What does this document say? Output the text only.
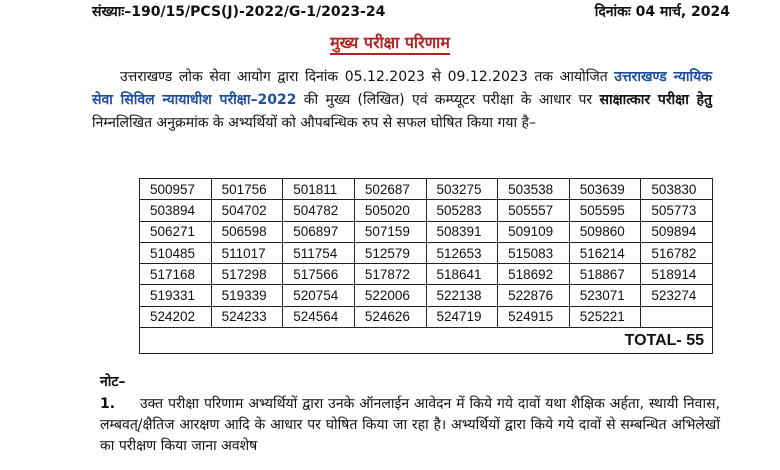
संख्याः–190/15/PCS(J)-2022/G-1/2023-24	दिनांकः 04 मार्च, 2024
मुख्य परीक्षा परिणाम
उत्तराखण्ड लोक सेवा आयोग द्वारा दिनांक 05.12.2023 से 09.12.2023 तक आयोजित उत्तराखण्ड न्यायिक सेवा सिविल न्यायाधीश परीक्षा–2022 की मुख्य (लिखित) एवं कम्प्यूटर परीक्षा के आधार पर साक्षात्कार परीक्षा हेतु निम्नलिखित अनुक्रमांक के अभ्यर्थियों को औपबन्धिक रुप से सफल घोषित किया गया है–
500957	501756	501811	502687	503275	503538	503639	503830
503894	504702	504782	505020	505283	505557	505595	505773
506271	506598	506897	507159	508391	509109	509860	509894
510485	511017	511754	512579	512653	515083	516214	516782
517168	517298	517566	517872	518641	518692	518867	518914
519331	519339	520754	522006	522138	522876	523071	523274
524202	524233	524564	524626	524719	524915	525221	
TOTAL- 55							
नोट–
1. उक्त परीक्षा परिणाम अभ्यर्थियों द्वारा उनके ऑनलाईन आवेदन में किये गये दावों यथा शैक्षिक अर्हता, स्थायी निवास, लम्बवत्/क्षैतिज आरक्षण आदि के आधार पर घोषित किया जा रहा है। अभ्यर्थियों द्वारा किये गये दावों से सम्बन्धित अभिलेखों का परीक्षण किया जाना अवशेष
